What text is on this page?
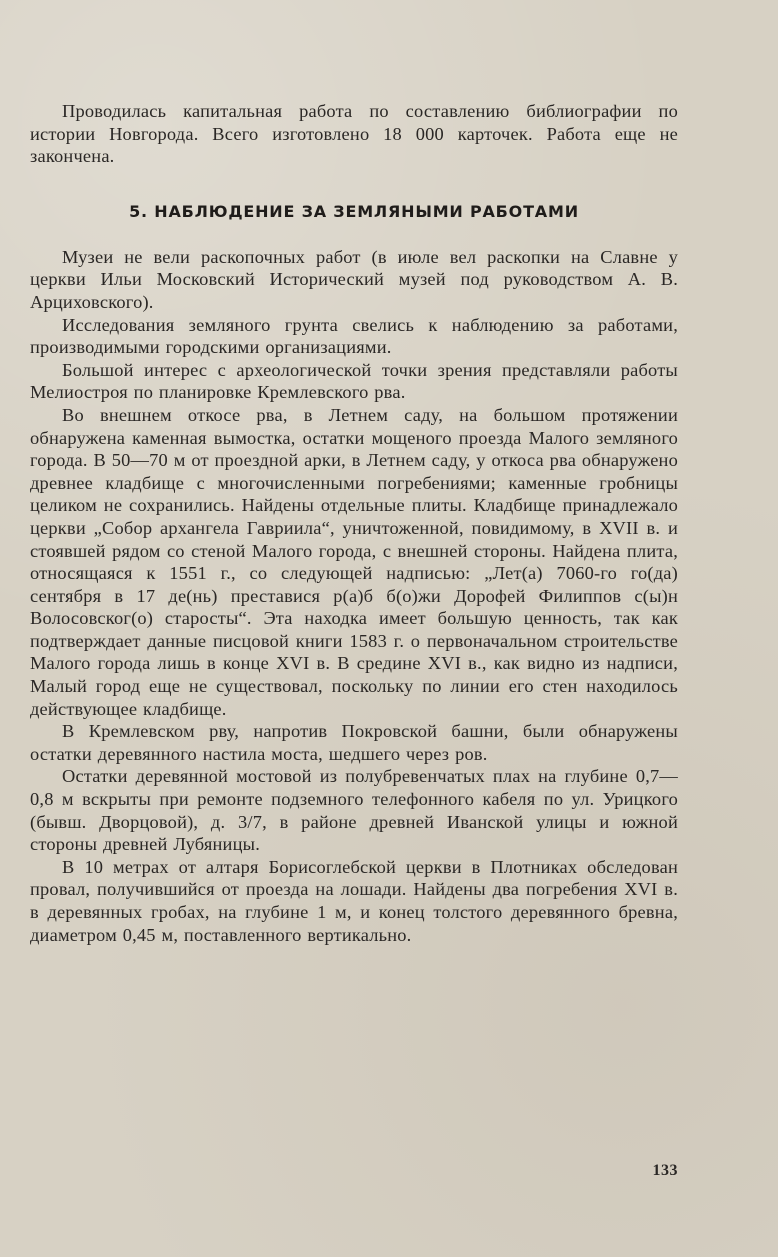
Проводилась капитальная работа по составлению библиографии по истории Новгорода. Всего изготовлено 18 000 карточек. Работа еще не закончена.

5. НАБЛЮДЕНИЕ ЗА ЗЕМЛЯНЫМИ РАБОТАМИ

Музеи не вели раскопочных работ (в июле вел раскопки на Славне у церкви Ильи Московский Исторический музей под руководством А. В. Арциховского).

Исследования земляного грунта свелись к наблюдению за работами, производимыми городскими организациями.

Большой интерес с археологической точки зрения представляли работы Мелиостроя по планировке Кремлевского рва.

Во внешнем откосе рва, в Летнем саду, на большом протяжении обнаружена каменная вымостка, остатки мощеного проезда Малого земляного города. В 50—70 м от проездной арки, в Летнем саду, у откоса рва обнаружено древнее кладбище с многочисленными погребениями; каменные гробницы целиком не сохранились. Найдены отдельные плиты. Кладбище принадлежало церкви „Собор архангела Гавриила“, уничтоженной, повидимому, в XVII в. и стоявшей рядом со стеной Малого города, с внешней стороны. Найдена плита, относящаяся к 1551 г., со следующей надписью: „Лет(а) 7060-го го(да) сентября в 17 де(нь) преставися р(а)б б(о)жи Дорофей Филиппов с(ы)н Волосовског(о) старосты“. Эта находка имеет большую ценность, так как подтверждает данные писцовой книги 1583 г. о первоначальном строительстве Малого города лишь в конце XVI в. В средине XVI в., как видно из надписи, Малый город еще не существовал, поскольку по линии его стен находилось действующее кладбище.

В Кремлевском рву, напротив Покровской башни, были обнаружены остатки деревянного настила моста, шедшего через ров.

Остатки деревянной мостовой из полубревенчатых плах на глубине 0,7—0,8 м вскрыты при ремонте подземного телефонного кабеля по ул. Урицкого (бывш. Дворцовой), д. 3/7, в районе древней Иванской улицы и южной стороны древней Лубяницы.

В 10 метрах от алтаря Борисоглебской церкви в Плотниках обследован провал, получившийся от проезда на лошади. Найдены два погребения XVI в. в деревянных гробах, на глубине 1 м, и конец толстого деревянного бревна, диаметром 0,45 м, поставленного вертикально.

133
